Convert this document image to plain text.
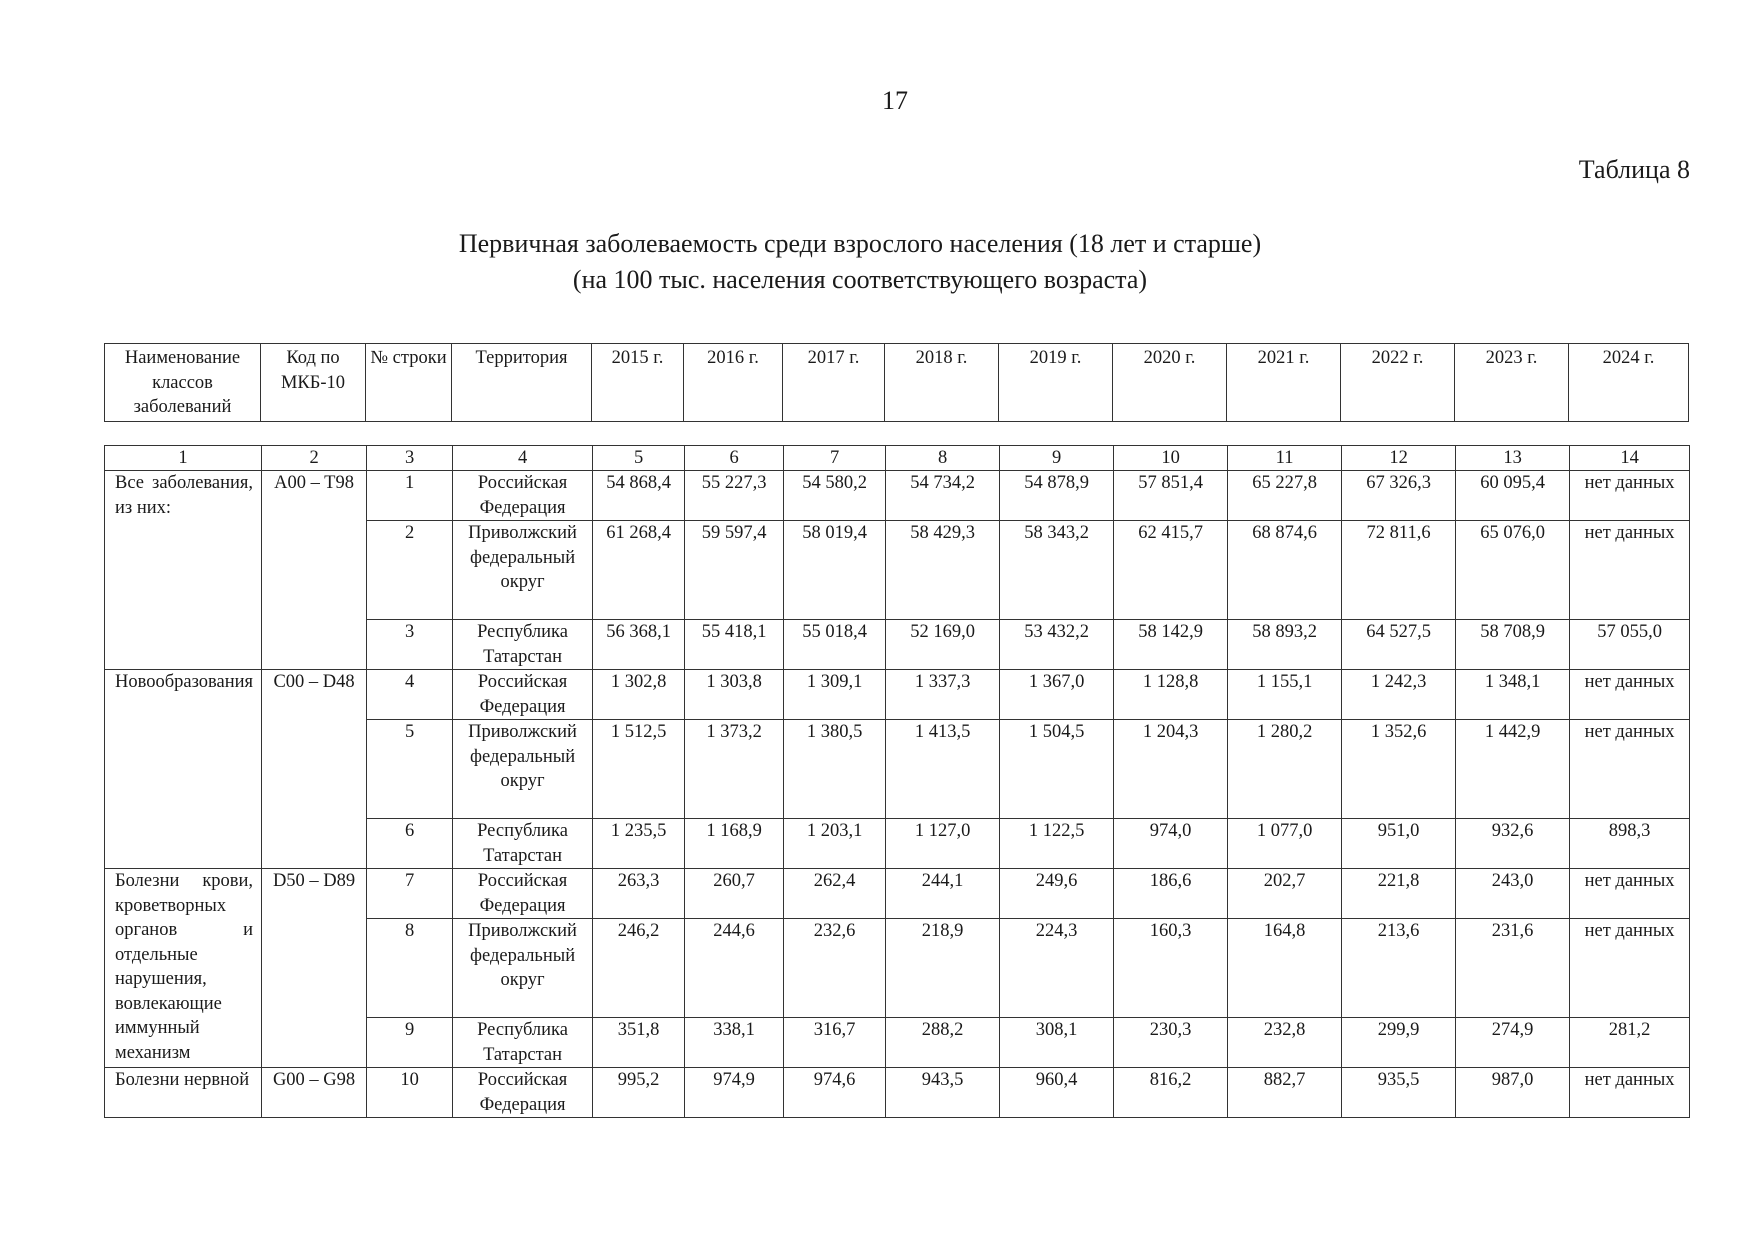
17
Таблица 8
Первичная заболеваемость среди взрослого населения (18 лет и старше)
(на 100 тыс. населения соответствующего возраста)
Наименование классов заболеваний	Код по МКБ-10	№ строки	Территория	2015 г.	2016 г.	2017 г.	2018 г.	2019 г.	2020 г.	2021 г.	2022 г.	2023 г.	2024 г.
1	2	3	4	5	6	7	8	9	10	11	12	13	14

Все заболевания, из них:	A00 – T98	1	Российская Федерация	54 868,4	55 227,3	54 580,2	54 734,2	54 878,9	57 851,4	65 227,8	67 326,3	60 095,4	нет данных
		2	Приволжский федеральный округ	61 268,4	59 597,4	58 019,4	58 429,3	58 343,2	62 415,7	68 874,6	72 811,6	65 076,0	нет данных
		3	Республика Татарстан	56 368,1	55 418,1	55 018,4	52 169,0	53 432,2	58 142,9	58 893,2	64 527,5	58 708,9	57 055,0

Новообразования	C00 – D48	4	Российская Федерация	1 302,8	1 303,8	1 309,1	1 337,3	1 367,0	1 128,8	1 155,1	1 242,3	1 348,1	нет данных
		5	Приволжский федеральный округ	1 512,5	1 373,2	1 380,5	1 413,5	1 504,5	1 204,3	1 280,2	1 352,6	1 442,9	нет данных
		6	Республика Татарстан	1 235,5	1 168,9	1 203,1	1 127,0	1 122,5	974,0	1 077,0	951,0	932,6	898,3

Болезни крови, кроветворных органов и отдельные нарушения, вовлекающие иммунный механизм	D50 – D89	7	Российская Федерация	263,3	260,7	262,4	244,1	249,6	186,6	202,7	221,8	243,0	нет данных
		8	Приволжский федеральный округ	246,2	244,6	232,6	218,9	224,3	160,3	164,8	213,6	231,6	нет данных
		9	Республика Татарстан	351,8	338,1	316,7	288,2	308,1	230,3	232,8	299,9	274,9	281,2

Болезни нервной	G00 – G98	10	Российская Федерация	995,2	974,9	974,6	943,5	960,4	816,2	882,7	935,5	987,0	нет данных
